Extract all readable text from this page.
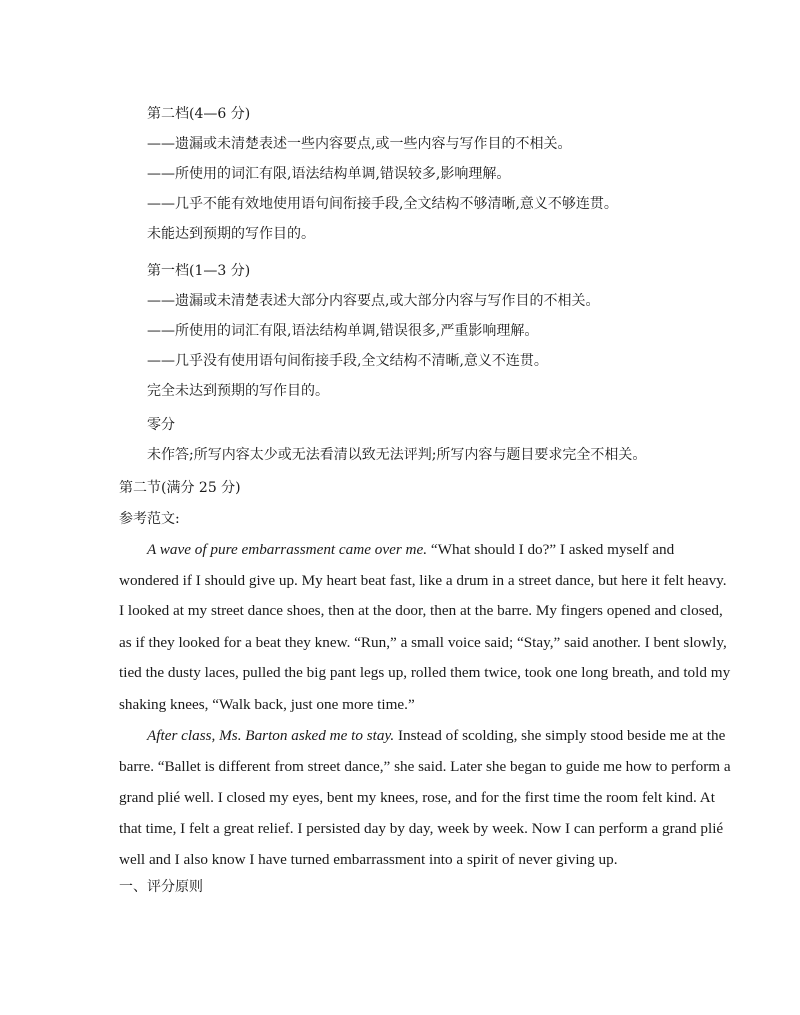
第二档(4—6 分)
——遗漏或未清楚表述一些内容要点,或一些内容与写作目的不相关。
——所使用的词汇有限,语法结构单调,错误较多,影响理解。
——几乎不能有效地使用语句间衔接手段,全文结构不够清晰,意义不够连贯。
未能达到预期的写作目的。
第一档(1—3 分)
——遗漏或未清楚表述大部分内容要点,或大部分内容与写作目的不相关。
——所使用的词汇有限,语法结构单调,错误很多,严重影响理解。
——几乎没有使用语句间衔接手段,全文结构不清晰,意义不连贯。
完全未达到预期的写作目的。
零分
未作答;所写内容太少或无法看清以致无法评判;所写内容与题目要求完全不相关。
第二节(满分 25 分)
参考范文:
A wave of pure embarrassment came over me. “What should I do?” I asked myself and
wondered if I should give up. My heart beat fast, like a drum in a street dance, but here it felt heavy.
I looked at my street dance shoes, then at the door, then at the barre. My fingers opened and closed,
as if they looked for a beat they knew. “Run,” a small voice said; “Stay,” said another. I bent slowly,
tied the dusty laces, pulled the big pant legs up, rolled them twice, took one long breath, and told my
shaking knees, “Walk back, just one more time.”
After class, Ms. Barton asked me to stay. Instead of scolding, she simply stood beside me at the
barre. “Ballet is different from street dance,” she said. Later she began to guide me how to perform a
grand plié well. I closed my eyes, bent my knees, rose, and for the first time the room felt kind. At
that time, I felt a great relief. I persisted day by day, week by week. Now I can perform a grand plié
well and I also know I have turned embarrassment into a spirit of never giving up.
一、评分原则
